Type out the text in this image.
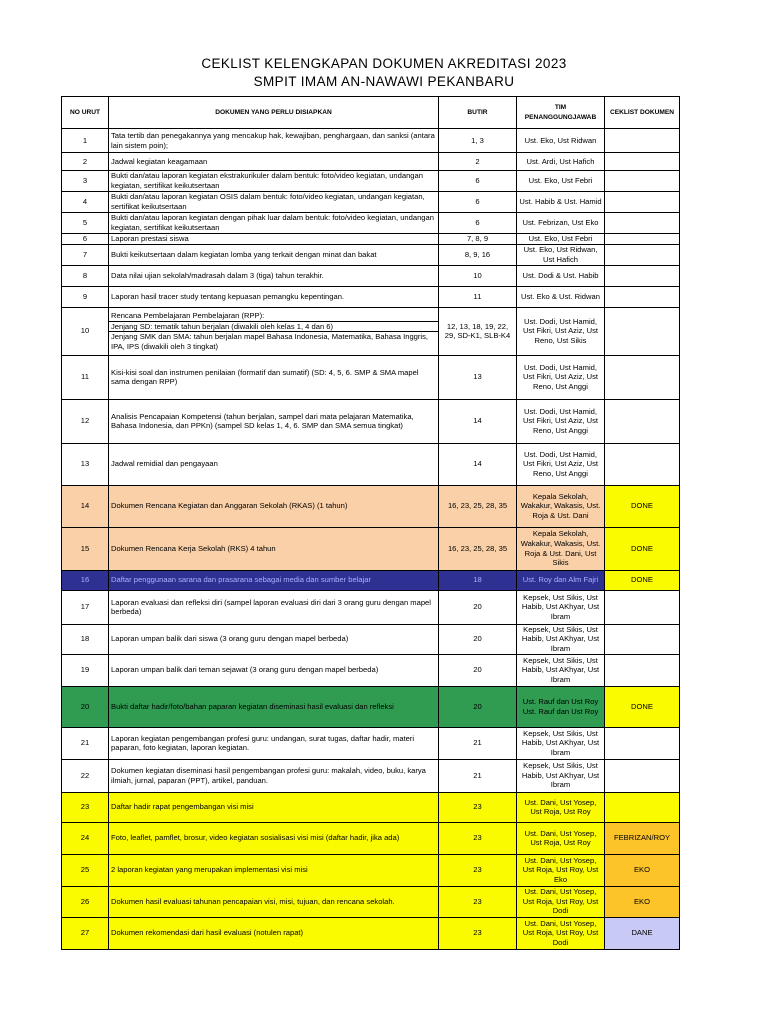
CEKLIST KELENGKAPAN DOKUMEN AKREDITASI 2023
SMPIT IMAM AN-NAWAWI PEKANBARU
NO URUT	DOKUMEN YANG PERLU DISIAPKAN	BUTIR	TIM PENANGGUNGJAWAB	CEKLIST DOKUMEN
1	Tata tertib dan penegakannya yang mencakup hak, kewajiban, penghargaan, dan sanksi (antara lain sistem poin);	1, 3	Ust. Eko, Ust Ridwan	
2	Jadwal kegiatan keagamaan	2	Ust. Ardi, Ust Hafich	
3	Bukti dan/atau laporan kegiatan ekstrakurikuler dalam bentuk: foto/video kegiatan, undangan kegiatan, sertifikat keikutsertaan	6	Ust. Eko, Ust Febri	
4	Bukti dan/atau laporan kegiatan OSIS dalam bentuk: foto/video kegiatan, undangan kegiatan, sertifikat keikutsertaan	6	Ust. Habib & Ust. Hamid	
5	Bukti dan/atau laporan kegiatan dengan pihak luar dalam bentuk: foto/video kegiatan, undangan kegiatan, sertifikat keikutsertaan	6	Ust. Febrizan, Ust Eko	
6	Laporan prestasi siswa	7, 8, 9	Ust. Eko, Ust Febri	
7	Bukti keikutsertaan dalam kegiatan lomba yang terkait dengan minat dan bakat	8, 9, 16	Ust. Eko, Ust Ridwan, Ust Hafich	
8	Data nilai ujian sekolah/madrasah dalam 3 (tiga) tahun terakhir.	10	Ust. Dodi & Ust. Habib	
9	Laporan hasil tracer study tentang kepuasan pemangku kepentingan.	11	Ust. Eko & Ust. Ridwan	
10	Rencana Pembelajaran Pembelajaran (RPP):
Jenjang SD: tematik tahun berjalan (diwakili oleh kelas 1, 4 dan 6)
Jenjang SMK dan SMA: tahun berjalan mapel Bahasa Indonesia, Matematika, Bahasa Inggris, IPA, IPS (diwakili oleh 3 tingkat)	12, 13, 18, 19, 22, 29, SD-K1, SLB-K4	Ust. Dodi, Ust Hamid, Ust Fikri, Ust Aziz, Ust Reno, Ust Sikis	
11	Kisi-kisi soal dan instrumen penilaian (formatif dan sumatif) (SD: 4, 5, 6. SMP & SMA mapel sama dengan RPP)	13	Ust. Dodi, Ust Hamid, Ust Fikri, Ust Aziz, Ust Reno, Ust Anggi	
12	Analisis Pencapaian Kompetensi (tahun berjalan, sampel dari mata pelajaran Matematika, Bahasa Indonesia, dan PPKn) (sampel SD kelas 1, 4, 6. SMP dan SMA semua tingkat)	14	Ust. Dodi, Ust Hamid, Ust Fikri, Ust Aziz, Ust Reno, Ust Anggi	
13	Jadwal remidial dan pengayaan	14	Ust. Dodi, Ust Hamid, Ust Fikri, Ust Aziz, Ust Reno, Ust Anggi	
14	Dokumen Rencana Kegiatan dan Anggaran Sekolah (RKAS) (1 tahun)	16, 23, 25, 28, 35	Kepala Sekolah, Wakakur, Wakasis, Ust. Roja & Ust. Dani	DONE
15	Dokumen Rencana Kerja Sekolah (RKS) 4 tahun	16, 23, 25, 28, 35	Kepala Sekolah, Wakakur, Wakasis, Ust. Roja & Ust. Dani, Ust Sikis	DONE
16	Daftar penggunaan sarana dan prasarana sebagai media dan sumber belajar	18	Ust. Roy dan Alm Fajri	DONE
17	Laporan evaluasi dan refleksi diri (sampel laporan evaluasi diri dari 3 orang guru dengan mapel berbeda)	20	Kepsek, Ust Sikis, Ust Habib, Ust AKhyar, Ust Ibram	
18	Laporan umpan balik dari siswa (3 orang guru dengan mapel berbeda)	20	Kepsek, Ust Sikis, Ust Habib, Ust AKhyar, Ust Ibram	
19	Laporan umpan balik dari teman sejawat (3 orang guru dengan mapel berbeda)	20	Kepsek, Ust Sikis, Ust Habib, Ust AKhyar, Ust Ibram	
20	Bukti daftar hadir/foto/bahan paparan kegiatan diseminasi hasil evaluasi dan refleksi	20	Ust. Rauf dan Ust Roy Ust. Rauf dan Ust Roy	DONE
21	Laporan kegiatan pengembangan profesi guru: undangan, surat tugas, daftar hadir, materi paparan, foto kegiatan, laporan kegiatan.	21	Kepsek, Ust Sikis, Ust Habib, Ust AKhyar, Ust Ibram	
22	Dokumen kegiatan diseminasi hasil pengembangan profesi guru: makalah, video, buku, karya ilmiah, jurnal, paparan (PPT), artikel, panduan.	21	Kepsek, Ust Sikis, Ust Habib, Ust AKhyar, Ust Ibram	
23	Daftar hadir rapat pengembangan visi misi	23	Ust. Dani, Ust Yosep, Ust Roja, Ust Roy	
24	Foto, leaflet, pamflet, brosur, video kegiatan sosialisasi visi misi (daftar hadir, jika ada)	23	Ust. Dani, Ust Yosep, Ust Roja, Ust Roy	FEBRIZAN/ROY
25	2 laporan kegiatan yang merupakan implementasi visi misi	23	Ust. Dani, Ust Yosep, Ust Roja, Ust Roy, Ust Eko	EKO
26	Dokumen hasil evaluasi tahunan pencapaian visi, misi, tujuan, dan rencana sekolah.	23	Ust. Dani, Ust Yosep, Ust Roja, Ust Roy, Ust Dodi	EKO
27	Dokumen rekomendasi dari hasil evaluasi (notulen rapat)	23	Ust. Dani, Ust Yosep, Ust Roja, Ust Roy, Ust Dodi	DANE
